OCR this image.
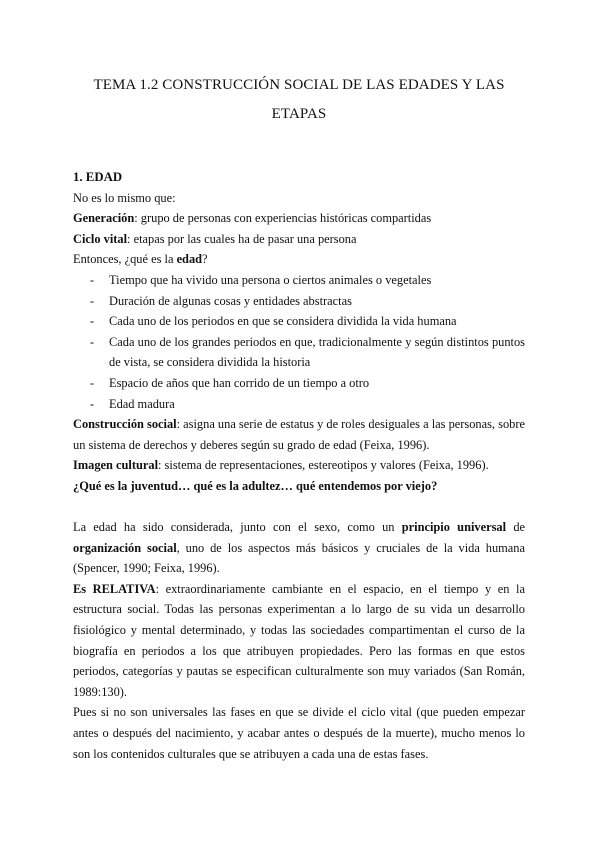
TEMA 1.2 CONSTRUCCIÓN SOCIAL DE LAS EDADES Y LAS
ETAPAS

1. EDAD

No es lo mismo que:

Generación: grupo de personas con experiencias históricas compartidas

Ciclo vital: etapas por las cuales ha de pasar una persona

Entonces, ¿qué es la edad?

- Tiempo que ha vivido una persona o ciertos animales o vegetales
- Duración de algunas cosas y entidades abstractas
- Cada uno de los periodos en que se considera dividida la vida humana
- Cada uno de los grandes periodos en que, tradicionalmente y según distintos puntos de vista, se considera dividida la historia
- Espacio de años que han corrido de un tiempo a otro
- Edad madura

Construcción social: asigna una serie de estatus y de roles desiguales a las personas, sobre un sistema de derechos y deberes según su grado de edad (Feixa, 1996).

Imagen cultural: sistema de representaciones, estereotipos y valores (Feixa, 1996).

¿Qué es la juventud… qué es la adultez… qué entendemos por viejo?

La edad ha sido considerada, junto con el sexo, como un principio universal de organización social, uno de los aspectos más básicos y cruciales de la vida humana (Spencer, 1990; Feixa, 1996).

Es RELATIVA: extraordinariamente cambiante en el espacio, en el tiempo y en la estructura social. Todas las personas experimentan a lo largo de su vida un desarrollo fisiológico y mental determinado, y todas las sociedades compartimentan el curso de la biografía en periodos a los que atribuyen propiedades. Pero las formas en que estos periodos, categorías y pautas se especifican culturalmente son muy variados (San Román, 1989:130).

Pues si no son universales las fases en que se divide el ciclo vital (que pueden empezar antes o después del nacimiento, y acabar antes o después de la muerte), mucho menos lo son los contenidos culturales que se atribuyen a cada una de estas fases.
